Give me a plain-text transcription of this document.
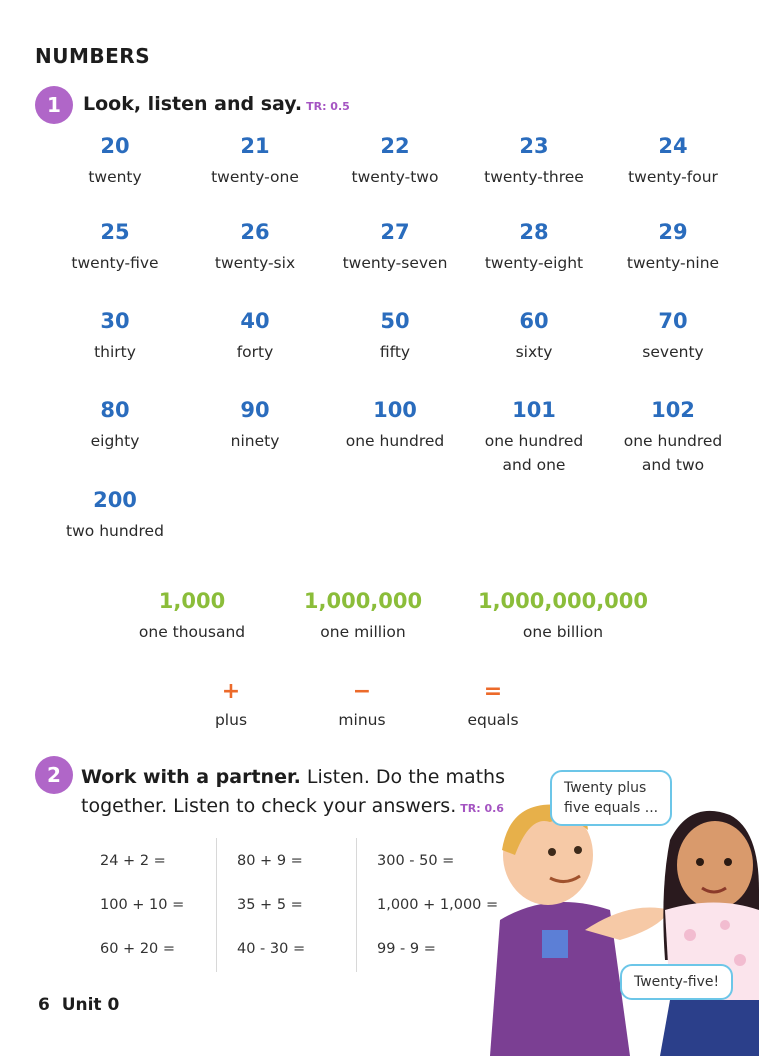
NUMBERS
1	Look, listen and say. TR: 0.5
20
twenty
21
twenty-one
22
twenty-two
23
twenty-three
24
twenty-four
25
twenty-five
26
twenty-six
27
twenty-seven
28
twenty-eight
29
twenty-nine
30
thirty
40
forty
50
fifty
60
sixty
70
seventy
80
eighty
90
ninety
100
one hundred
101
one hundred
and one
102
one hundred
and two
200
two hundred
1,000
one thousand
1,000,000
one million
1,000,000,000
one billion
+
plus
−
minus
=
equals
2	Work with a partner. Listen. Do the maths
together. Listen to check your answers. TR: 0.6
24 + 2 =
100 + 10 =
60 + 20 =
80 + 9 =
35 + 5 =
40 - 30 =
300 - 50 =
1,000 + 1,000 =
99 - 9 =
Twenty plus
five equals ...
Twenty-five!
6 Unit 0
